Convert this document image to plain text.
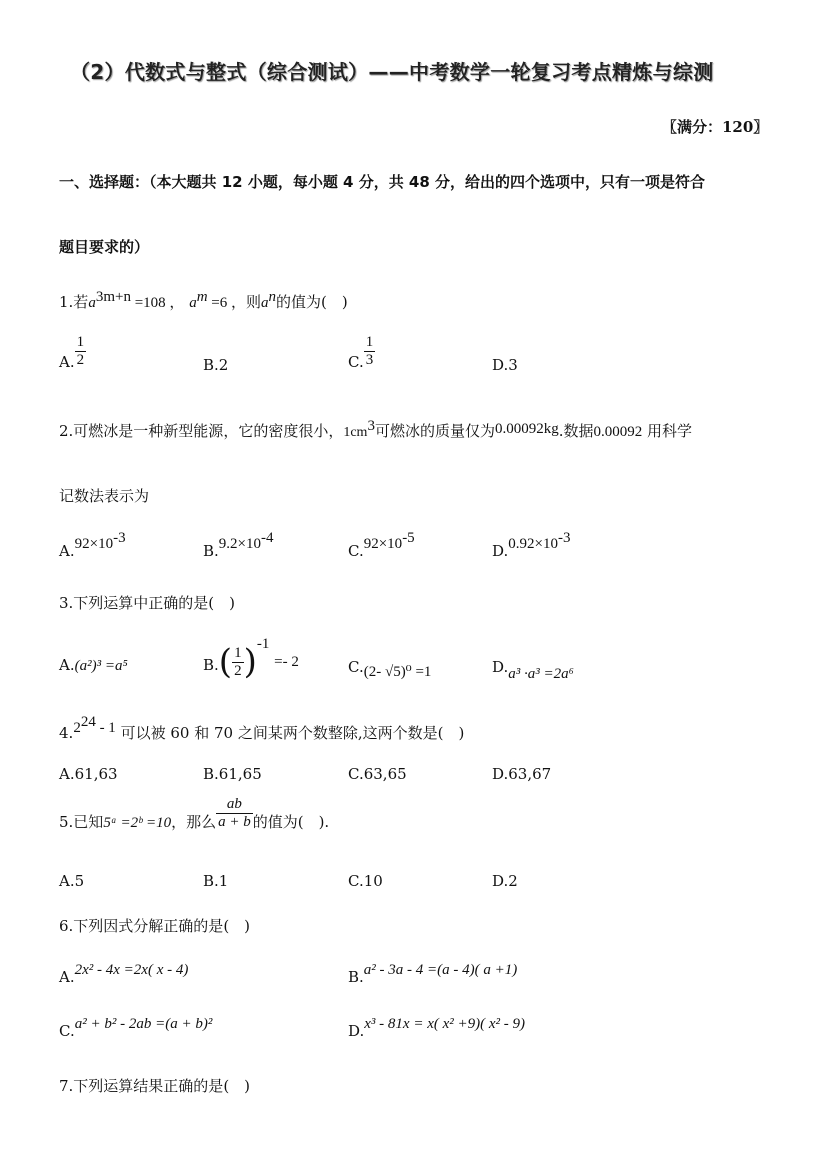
（2）代数式与整式（综合测试）——中考数学一轮复习考点精炼与综测
〖满分：120〗
一、选择题：（本大题共 12 小题，每小题 4 分，共 48 分，给出的四个选项中，只有一项是符合
题目要求的）
1.若$a^{3m+n} =108$ ， $a^m =6$ ，则$a^n$的值为(　)
A. $\frac{1}{2}$	B.2	C. $\frac{1}{3}$	D.3
2.可燃冰是一种新型能源，它的密度很小，$1cm^3$可燃冰的质量仅为0.00092kg.数据0.00092 用科学
记数法表示为
$A.92\times 10^{-3}$
$B.9.2\times 10^{-4}$
$C.92\times 10^{-5}$
$D.0.92\times 10^{-3}$
3.下列运算中正确的是(　)
A.(a²)³ =a⁵	$B.( \frac{1}{2} )^{-1} =- 2$	C.(2- √5)⁰ =1	D.a³ ·a³ =2a⁶
$4.2^{24} - 1$ 可以被 60 和 70 之间某两个数整除,这两个数是(　)
A.61,63	B.61,65	C.63,65	D.63,67
5.已知5ᵃ =2ᵇ =10，那么 $\frac{ab}{a + b}$ 的值为(　).
A.5	B.1	C.10	D.2
6.下列因式分解正确的是(　)
A.2x² - 4x =2x( x - 4)	B.a² - 3a - 4 =(a - 4)( a +1)
C.a² + b² - 2ab =(a + b)²	D.x³ - 81x = x( x² +9)( x² - 9)
7.下列运算结果正确的是(　)
